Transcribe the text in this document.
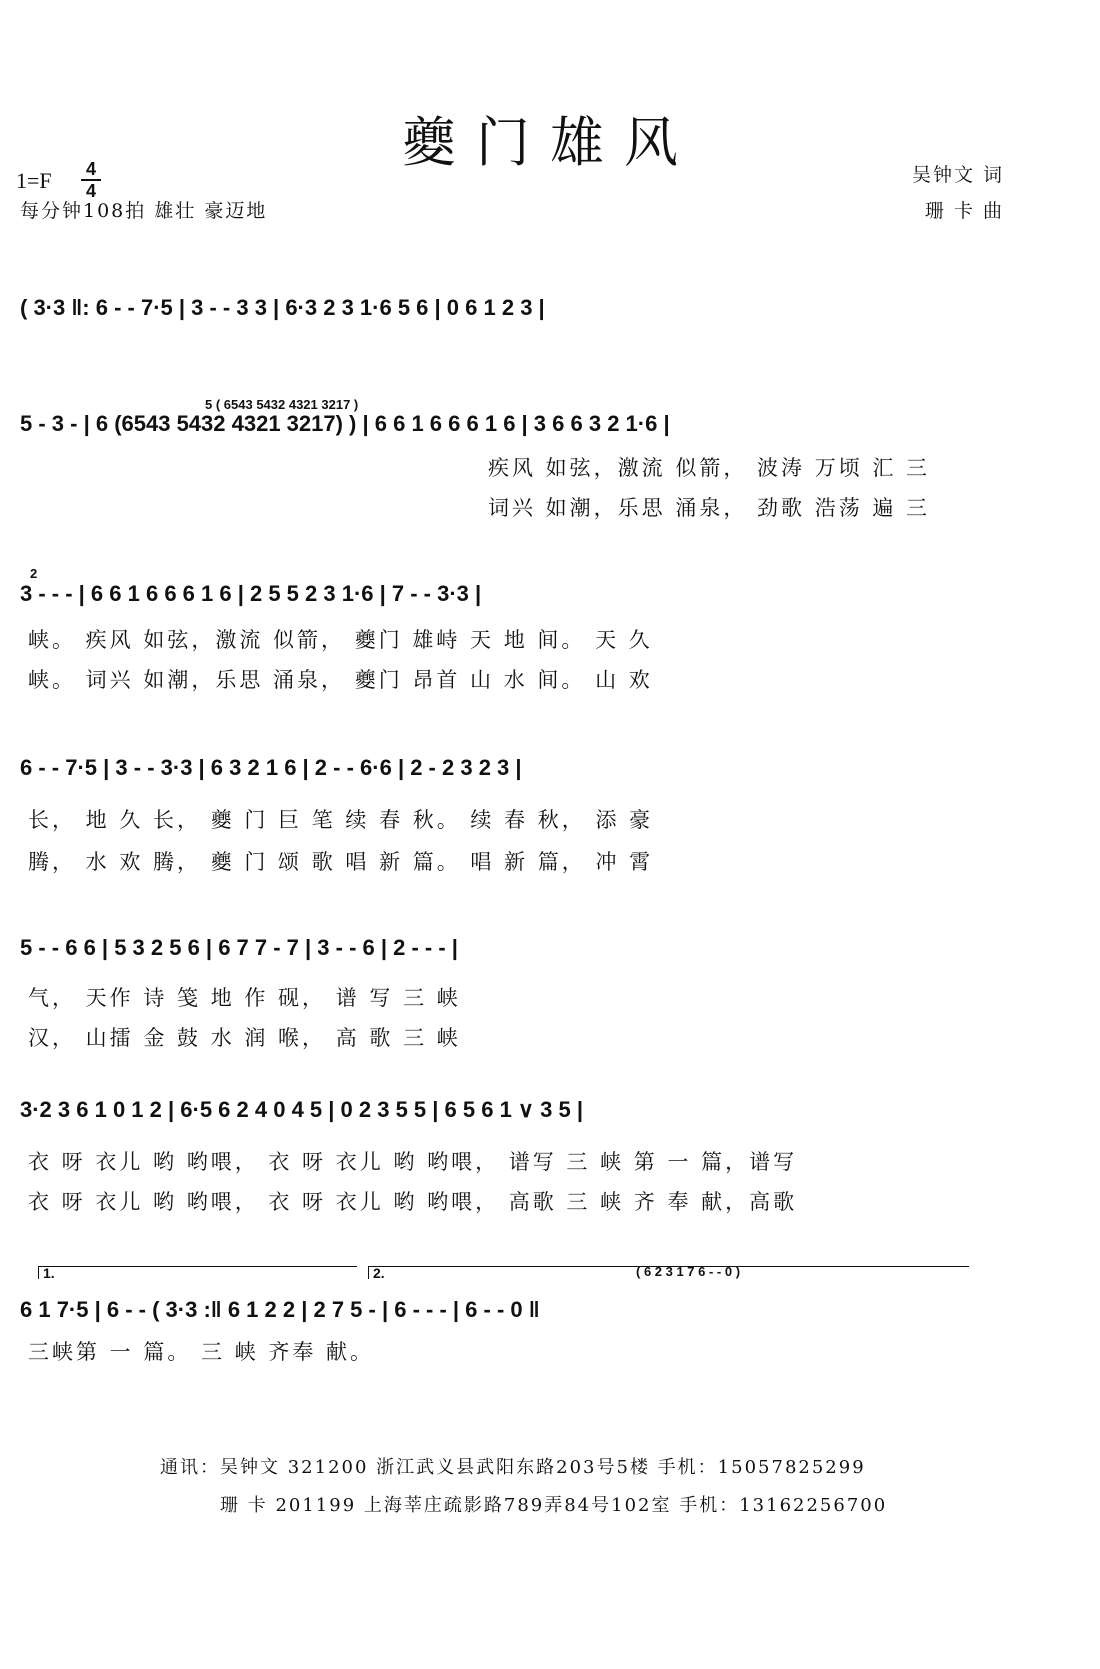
夔门雄风
1=F 4
4
每分钟108拍 雄壮 豪迈地
吴钟文 词
珊 卡 曲
( 3·3 ‖: 6 - - 7·5 | 3 - - 3 3 | 6·3 2 3 1·6 5 6 | 0 6 1 2 3 |
5 ( 6543 5432 4321 3217 )
5 - 3 - | 6 (6543 5432 4321 3217) ) | 6 6 1 6 6 6 1 6 | 3 6 6 3 2 1·6 |
疾风 如弦，激流 似箭， 波涛 万顷 汇 三
词兴 如潮，乐思 涌泉， 劲歌 浩荡 遍 三
2
3 - - - | 6 6 1 6 6 6 1 6 | 2 5 5 2 3 1·6 | 7 - - 3·3 |
峡。 疾风 如弦，激流 似箭， 夔门 雄峙 天 地 间。 天 久
峡。 词兴 如潮，乐思 涌泉， 夔门 昂首 山 水 间。 山 欢
6 - - 7·5 | 3 - - 3·3 | 6 3 2 1 6 | 2 - - 6·6 | 2 - 2 3 2 3 |
长， 地 久 长， 夔 门 巨 笔 续 春 秋。 续 春 秋， 添 豪
腾， 水 欢 腾， 夔 门 颂 歌 唱 新 篇。 唱 新 篇， 冲 霄
5 - - 6 6 | 5 3 2 5 6 | 6 7 7 - 7 | 3 - - 6 | 2 - - - |
气， 天作 诗 笺 地 作 砚， 谱 写 三 峡
汉， 山擂 金 鼓 水 润 喉， 高 歌 三 峡
3·2 3 6 1 0 1 2 | 6·5 6 2 4 0 4 5 | 0 2 3 5 5 | 6 5 6 1 ∨ 3 5 |
衣 呀 衣儿 哟 哟喂， 衣 呀 衣儿 哟 哟喂， 谱写 三 峡 第 一 篇，谱写
衣 呀 衣儿 哟 哟喂， 衣 呀 衣儿 哟 哟喂， 高歌 三 峡 齐 奉 献，高歌
1.	2.	( 6 2 3 1 7 6 - - 0 )
6 1 7·5 | 6 - - ( 3·3 :‖ 6 1 2 2 | 2 7 5 - | 6 - - - | 6 - - 0 ‖
三峡第 一 篇。 三 峡 齐奉 献。
通讯：吴钟文 321200 浙江武义县武阳东路203号5楼 手机：15057825299
珊 卡 201199 上海莘庄疏影路789弄84号102室 手机：13162256700
